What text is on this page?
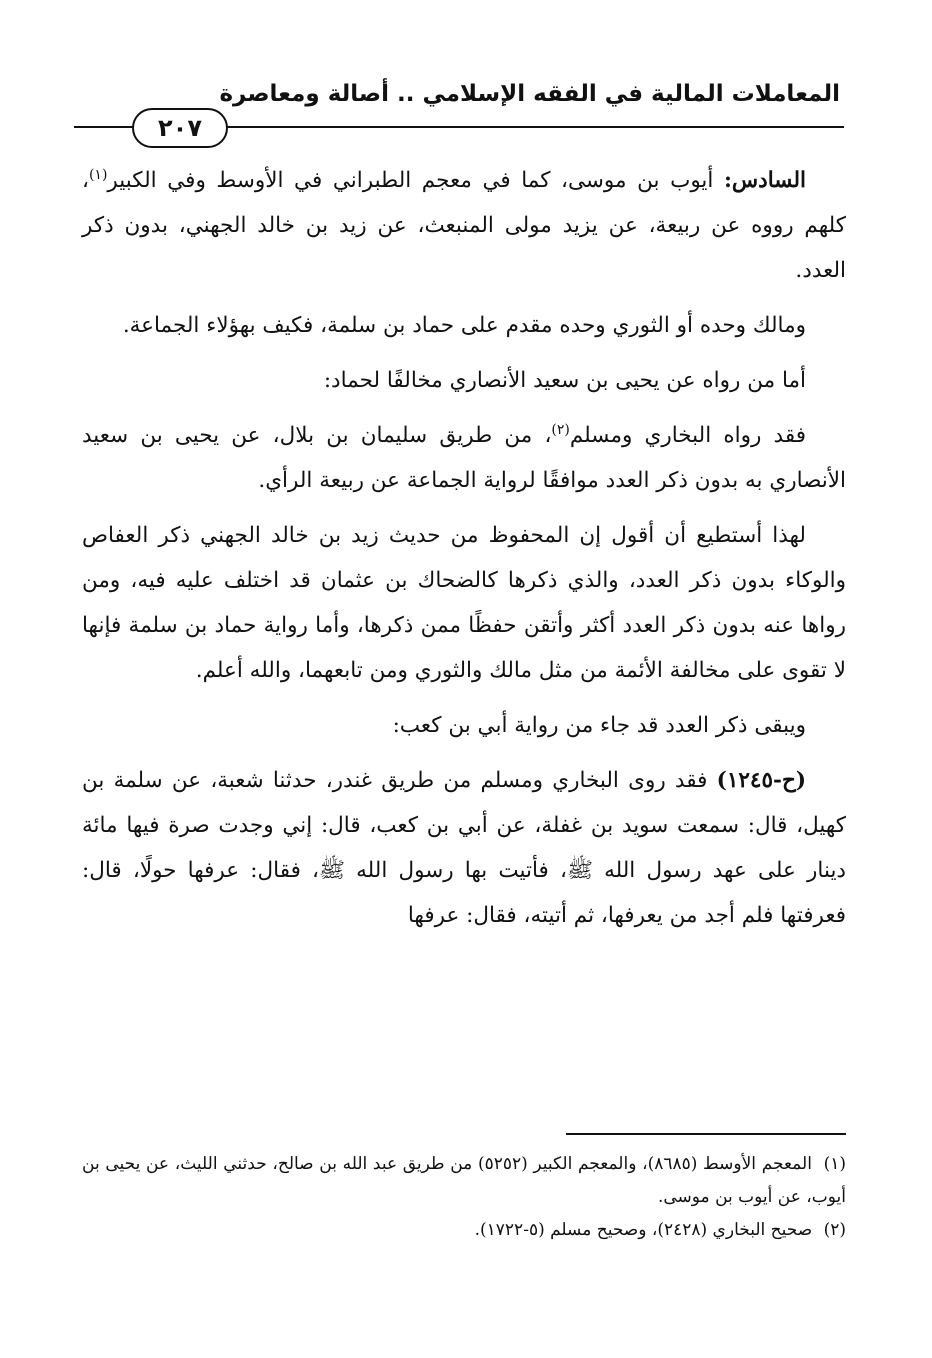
المعاملات المالية في الفقه الإسلامي .. أصالة ومعاصرة
٢٠٧

السادس: أيوب بن موسى، كما في معجم الطبراني في الأوسط وفي الكبير$^{(١)}$، كلهم رووه عن ربيعة، عن يزيد مولى المنبعث، عن زيد بن خالد الجهني، بدون ذكر العدد.

ومالك وحده أو الثوري وحده مقدم على حماد بن سلمة، فكيف بهؤلاء الجماعة.

أما من رواه عن يحيى بن سعيد الأنصاري مخالفًا لحماد:

فقد رواه البخاري ومسلم$^{(٢)}$، من طريق سليمان بن بلال، عن يحيى بن سعيد الأنصاري به بدون ذكر العدد موافقًا لرواية الجماعة عن ربيعة الرأي.

لهذا أستطيع أن أقول إن المحفوظ من حديث زيد بن خالد الجهني ذكر العفاص والوكاء بدون ذكر العدد، والذي ذكرها كالضحاك بن عثمان قد اختلف عليه فيه، ومن رواها عنه بدون ذكر العدد أكثر وأتقن حفظًا ممن ذكرها، وأما رواية حماد بن سلمة فإنها لا تقوى على مخالفة الأئمة من مثل مالك والثوري ومن تابعهما، والله أعلم.

ويبقى ذكر العدد قد جاء من رواية أبي بن كعب:

(ح-١٢٤٥) فقد روى البخاري ومسلم من طريق غندر، حدثنا شعبة، عن سلمة بن كهيل، قال: سمعت سويد بن غفلة، عن أبي بن كعب، قال: إني وجدت صرة فيها مائة دينار على عهد رسول الله ﷺ، فأتيت بها رسول الله ﷺ، فقال: عرفها حولًا، قال: فعرفتها فلم أجد من يعرفها، ثم أتيته، فقال: عرفها

(١) المعجم الأوسط (٨٦٨٥)، والمعجم الكبير (٥٢٥٢) من طريق عبد الله بن صالح، حدثني الليث، عن يحيى بن أيوب، عن أيوب بن موسى.

(٢) صحيح البخاري (٢٤٢٨)، وصحيح مسلم (٥-١٧٢٢).
